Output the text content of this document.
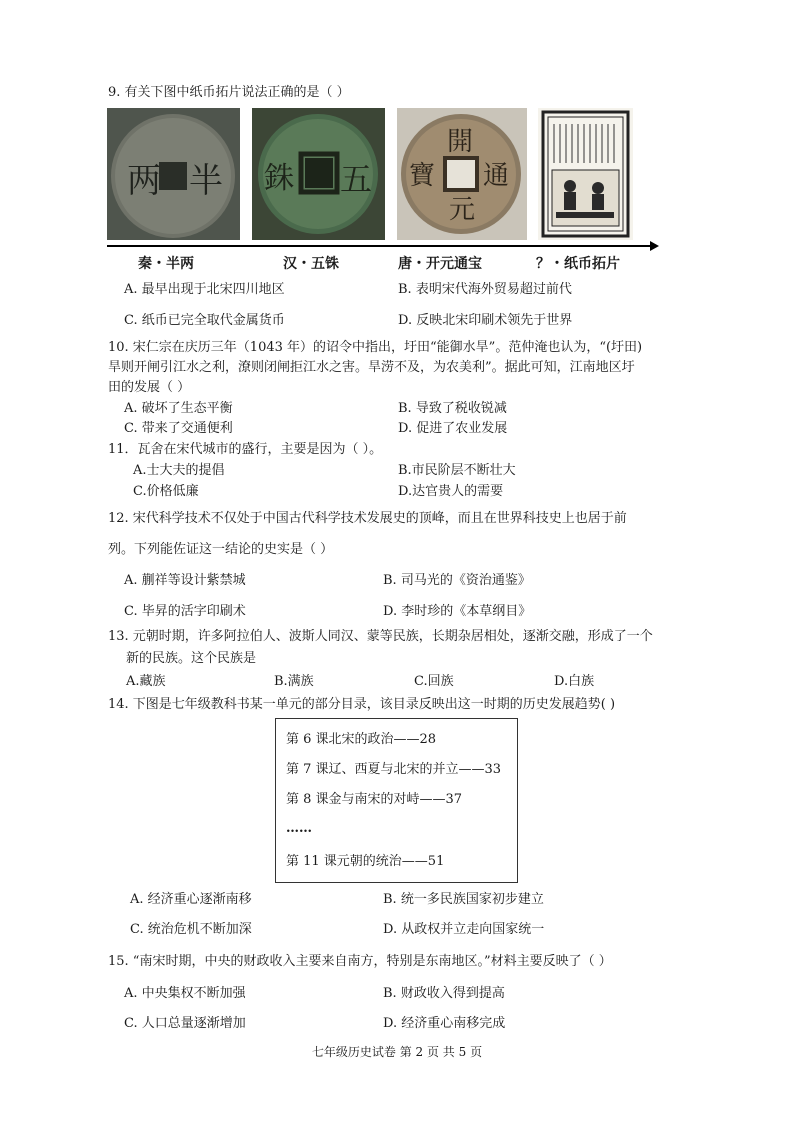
9. 有关下图中纸币拓片说法正确的是（ ）
两 半 銖 五
開
通
元
寶
秦・半两	汉・五铢	唐・开元通宝	？・纸币拓片
A. 最早出现于北宋四川地区	B. 表明宋代海外贸易超过前代
C. 纸币已完全取代金属货币	D. 反映北宋印刷术领先于世界
10. 宋仁宗在庆历三年（1043 年）的诏令中指出，圩田“能御水旱”。范仲淹也认为，“(圩田)
旱则开闸引江水之利，潦则闭闸拒江水之害。旱涝不及，为农美利”。据此可知，江南地区圩
田的发展（ ）
A. 破坏了生态平衡	B. 导致了税收锐减
C. 带来了交通便利	D. 促进了农业发展
11．瓦舍在宋代城市的盛行，主要是因为（ ）。
A.士大夫的提倡	B.市民阶层不断壮大
C.价格低廉	D.达官贵人的需要
12. 宋代科学技术不仅处于中国古代科学技术发展史的顶峰，而且在世界科技史上也居于前
列。下列能佐证这一结论的史实是（ ）
A. 蒯祥等设计紫禁城	B. 司马光的《资治通鉴》
C. 毕昇的活字印刷术	D. 李时珍的《本草纲目》
13. 元朝时期，许多阿拉伯人、波斯人同汉、蒙等民族，长期杂居相处，逐渐交融，形成了一个
新的民族。这个民族是
A.藏族	B.满族	C.回族	D.白族
14. 下图是七年级教科书某一单元的部分目录，该目录反映出这一时期的历史发展趋势( )
第 6 课北宋的政治——28
第 7 课辽、西夏与北宋的并立——33
第 8 课金与南宋的对峙——37
……
第 11 课元朝的统治——51
A. 经济重心逐渐南移	B. 统一多民族国家初步建立
C. 统治危机不断加深	D. 从政权并立走向国家统一
15. “南宋时期，中央的财政收入主要来自南方，特别是东南地区。”材料主要反映了（ ）
A. 中央集权不断加强	B. 财政收入得到提高
C. 人口总量逐渐增加	D. 经济重心南移完成
七年级历史试卷 第 2 页 共 5 页
